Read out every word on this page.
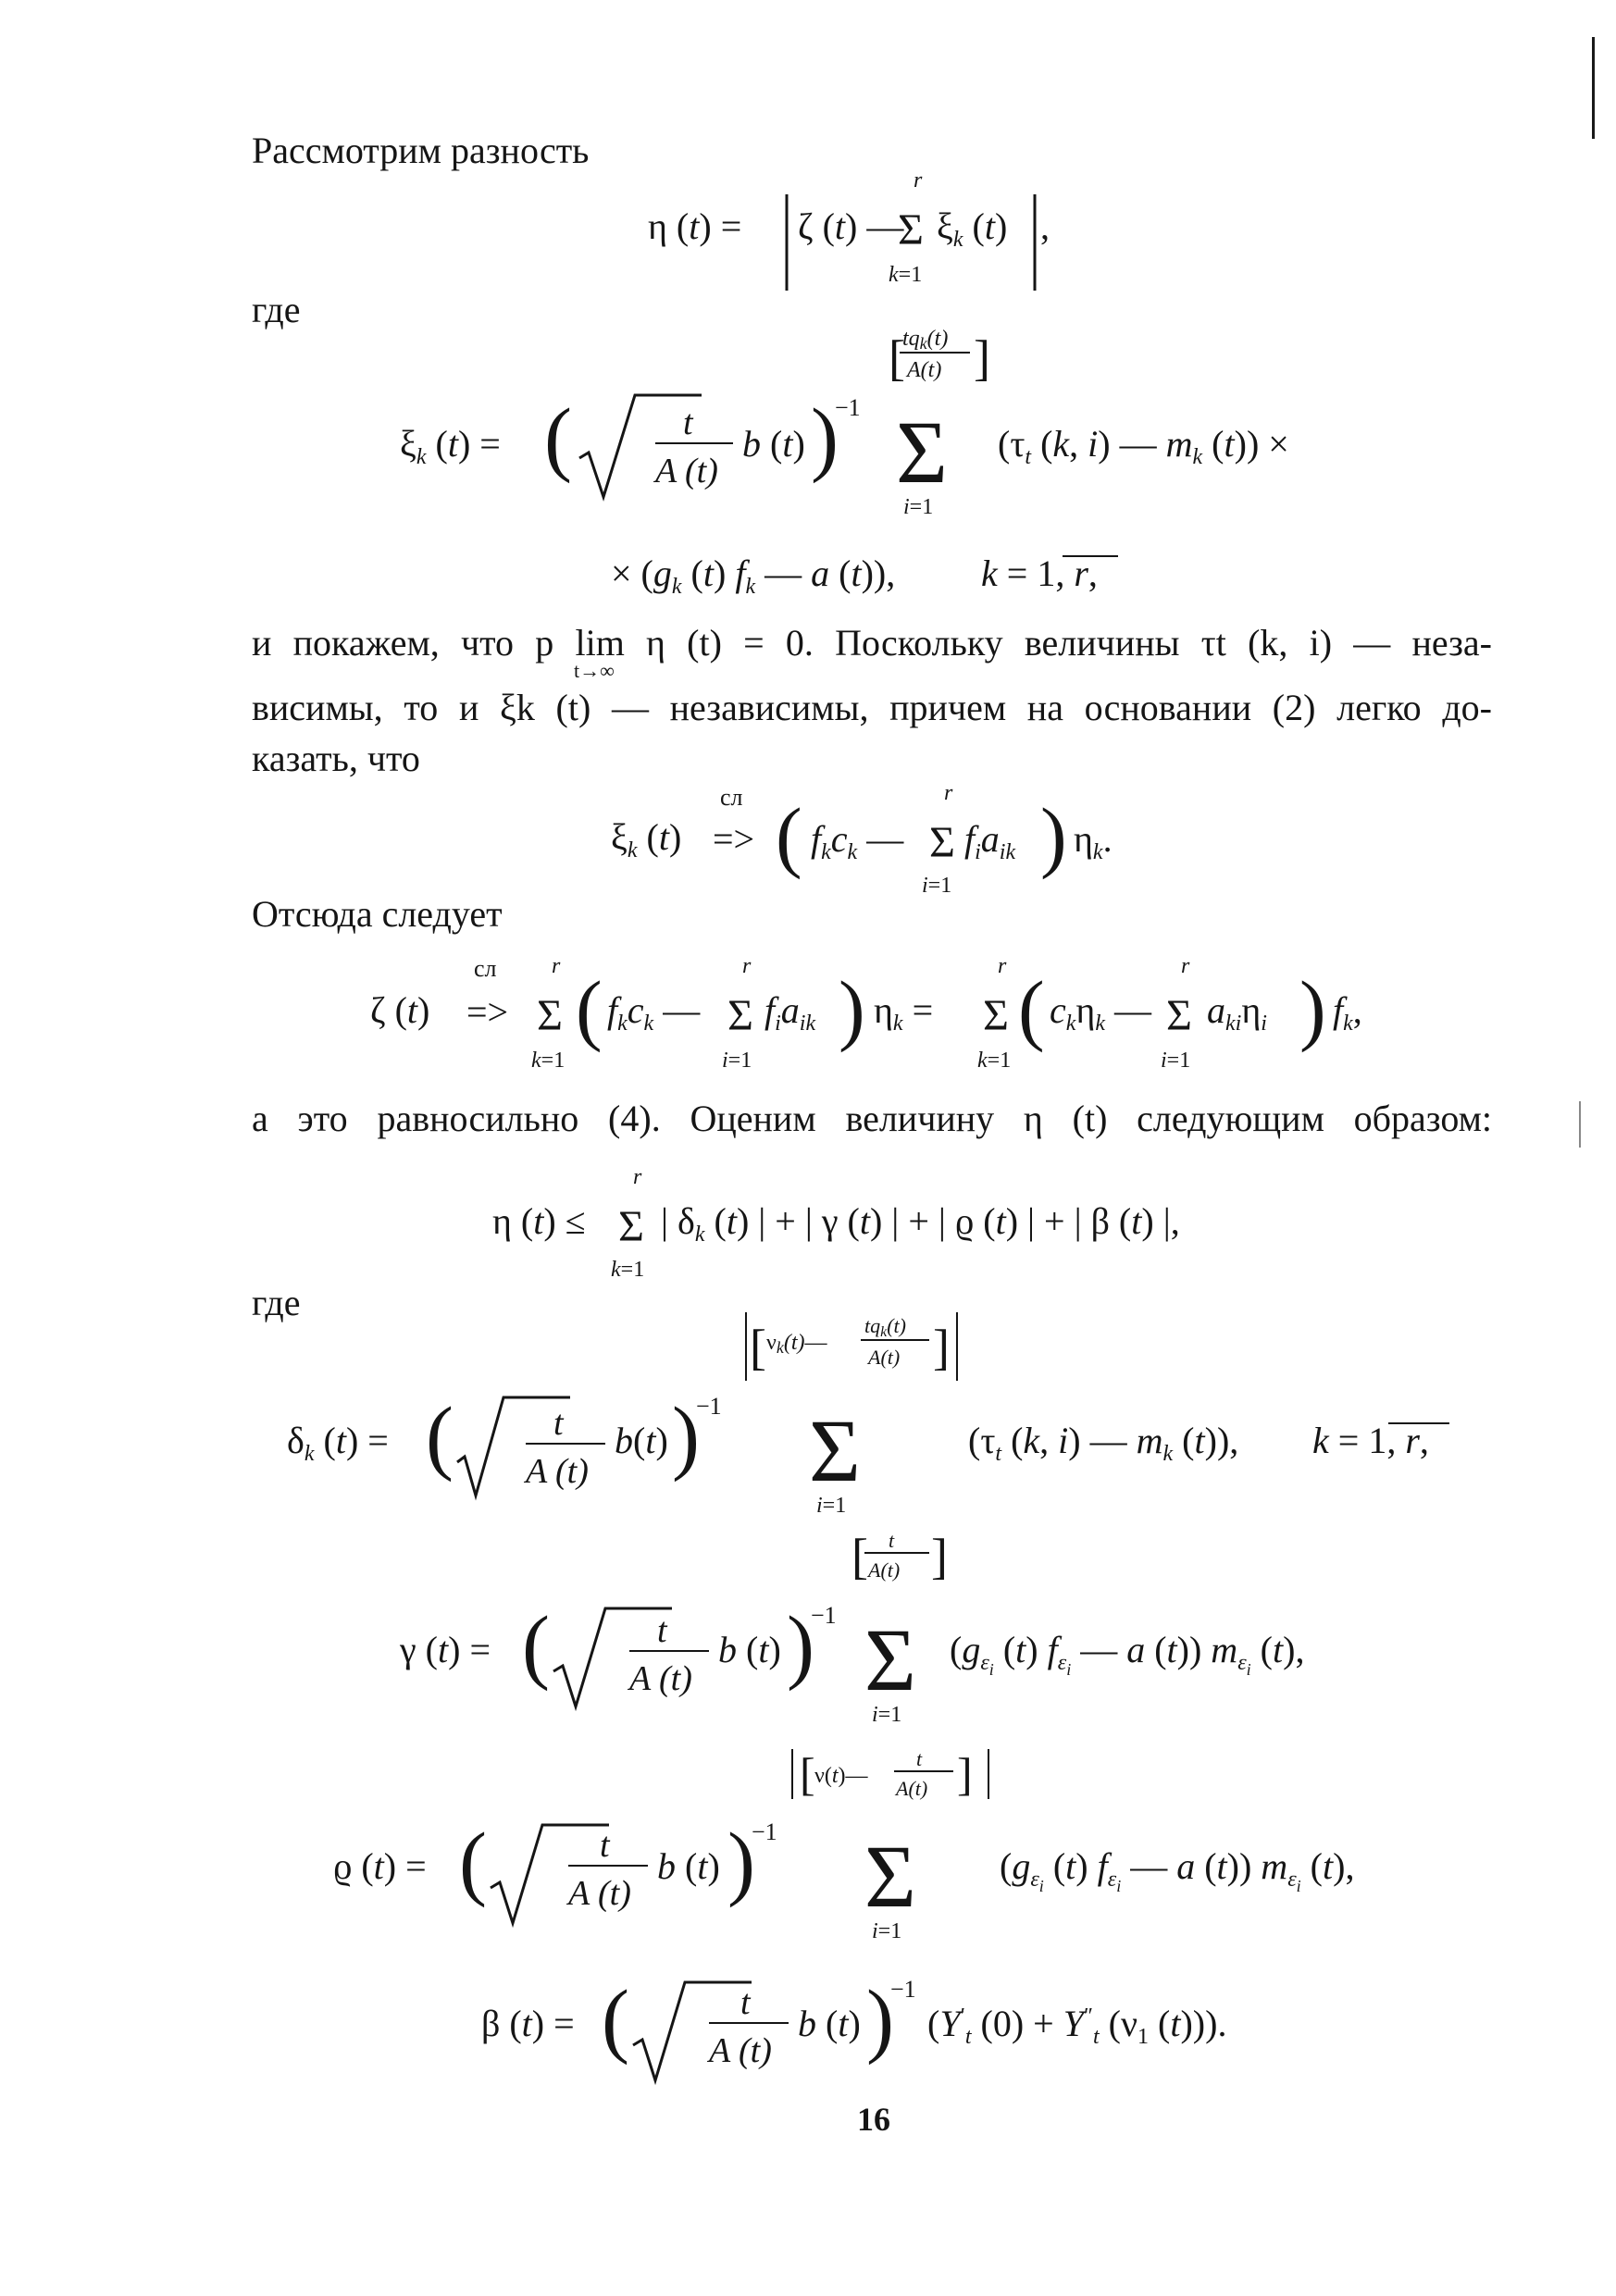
Рассмотрим разность
η (t) = ζ (t) —
r
Σ
k=1
$\xi_k$ (t) ,
где
[
tqk(t)
A(t) ]
$\xi_k$ (t) = (	t
A (t)
b (t) )
−1 Σ
i=1
($\tau_t$ (k, i) — $m_k$ (t)) ×
× ($g_k$ (t) $f_k$ — a (t)), k = 1, r,
и покажем, что p lim η (t) = 0. Поскольку величины τt (k, i) — неза-
t→∞
висимы, то и ξk (t) — независимы, причем на основании (2) легко до-
казать, что
$\xi_k$ (t)
сл
=> ( $f_kc_k$ —
r
Σ
i=1
$f_ia_{ik}$ ) $\eta_k$.
Отсюда следует
ζ (t)
сл
=>
r
Σ
k=1
( $f_kc_k$ —
r
Σ
i=1
$f_ia_{ik}$ ) $\eta_k$ =
r
Σ
k=1
( $c_k\eta_k$ —
r
Σ
i=1
$a_{ki}\eta_i$ ) $f_k$,
а это равносильно (4). Оценим величину η (t) следующим образом:
η (t) ≤
r
Σ
k=1
| $\delta_k$ (t) | + | γ (t) | + | ϱ (t) | + | β (t) |,
где
[ νk(t)—
tqk(t)
A(t) ]
$\delta_k$ (t) = (	t
A (t)
b(t) )
−1 Σ
i=1
($\tau_t$ (k, i) — $m_k$ (t)), k = 1, r,
[ t
A(t) ]
γ (t) = (	t
A (t)
b (t) )
−1 Σ
i=1
($g_\varepsilon i$ (t) $f_\varepsilon i$ — a (t)) $m_\varepsilon i$ (t),
[ ν(t)—
t
A(t) ]
ϱ (t) = (	t
A (t)
b (t) )
−1 Σ
i=1
($g_\varepsilon i$ (t) $f_\varepsilon i$ — a (t)) $m_\varepsilon i$ (t),
β (t) = (	t
A (t)
b (t) )
−1
($Y'_t$ $(0) + Y''_t$ ($\nu_1$ (t))).
16
